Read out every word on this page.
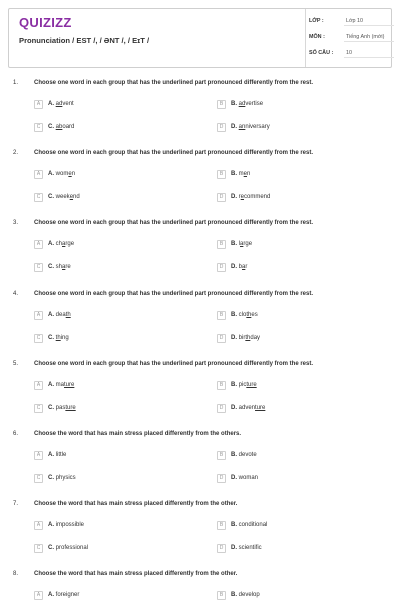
QUIZIZZ
Pronunciation / EST /, / ƏNT /, / EɪT /
LỚP :	Lớp 10
MÔN :	Tiếng Anh (mới)
SỐ CÂU :	10
1.	Choose one word in each group that has the underlined part pronounced differently from the rest.
A	A. advent	B	B. advertise
C	C. aboard	D	D. anniversary
2.	Choose one word in each group that has the underlined part pronounced differently from the rest.
A	A. women	B	B. men
C	C. weekend	D	D. recommend
3.	Choose one word in each group that has the underlined part pronounced differently from the rest.
A	A. charge	B	B. large
C	C. share	D	D. bar
4.	Choose one word in each group that has the underlined part pronounced differently from the rest.
A	A. death	B	B. clothes
C	C. thing	D	D. birthday
5.	Choose one word in each group that has the underlined part pronounced differently from the rest.
A	A. mature	B	B. picture
C	C. pasture	D	D. adventure
6.	Choose the word that has main stress placed differently from the others.
A	A. little	B	B. devote
C	C. physics	D	D. woman
7.	Choose the word that has main stress placed differently from the other.
A	A. impossible	B	B. conditional
C	C. professional	D	D. scientific
8.	Choose the word that has main stress placed differently from the other.
A	A. foreigner	B	B. develop
